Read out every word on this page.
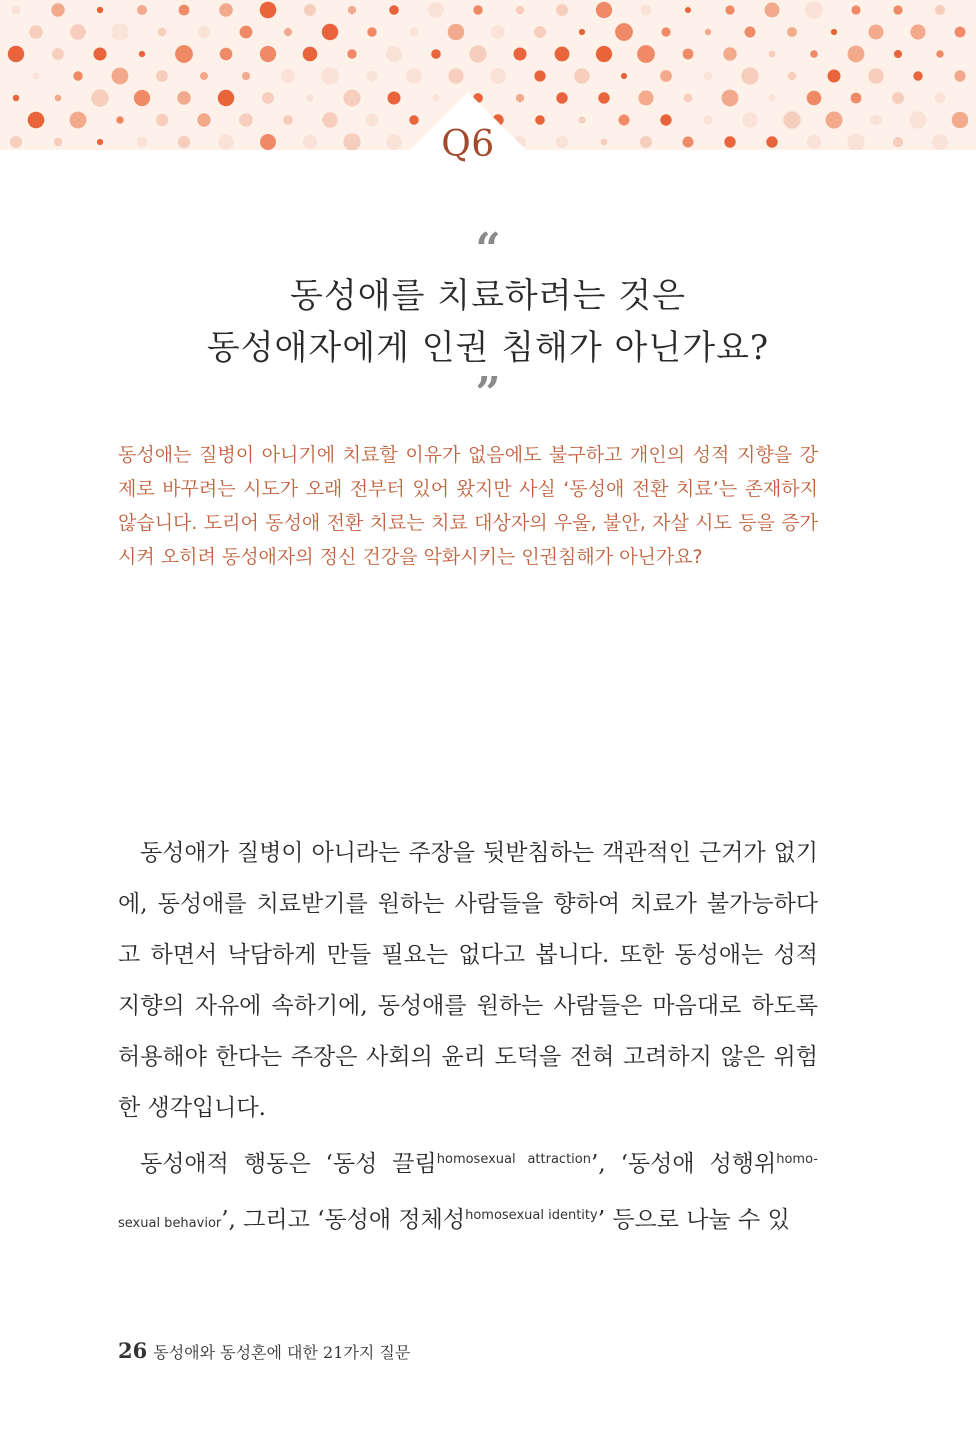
Q6
“
동성애를 치료하려는 것은
동성애자에게 인권 침해가 아닌가요?
”
동성애는 질병이 아니기에 치료할 이유가 없음에도 불구하고 개인의 성적 지향을 강제로 바꾸려는 시도가 오래 전부터 있어 왔지만 사실 ‘동성애 전환 치료’는 존재하지 않습니다. 도리어 동성애 전환 치료는 치료 대상자의 우울, 불안, 자살 시도 등을 증가시켜 오히려 동성애자의 정신 건강을 악화시키는 인권침해가 아닌가요?

동성애가 질병이 아니라는 주장을 뒷받침하는 객관적인 근거가 없기에, 동성애를 치료받기를 원하는 사람들을 향하여 치료가 불가능하다고 하면서 낙담하게 만들 필요는 없다고 봅니다. 또한 동성애는 성적 지향의 자유에 속하기에, 동성애를 원하는 사람들은 마음대로 하도록 허용해야 한다는 주장은 사회의 윤리 도덕을 전혀 고려하지 않은 위험한 생각입니다.

동성애적 행동은 ‘동성 끌림$^{homosexual attraction}$’, ‘동성애 성행위$^{homo-}$ sexual behavior’, 그리고 ‘동성애 정체성$^{homosexual identity}$’ 등으로 나눌 수 있

26 동성애와 동성혼에 대한 21가지 질문
